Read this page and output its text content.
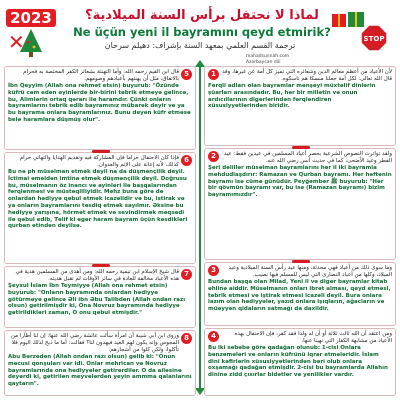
2023
✕	STOP
لماذا لا نحتفل برأس السنة الميلادية؟
Ne üçün yeni il bayramını qeyd etmirik?
ترجمة القسم العلمي بمعهد السنة بإشراف: دهيلم سرحان
mahadsunnah.com
Azərbaycan dili
1	لأن الأعياد من أعظم معالم الدين وشعائره التي تميز كل أمة عن غيرها، وقد قال الله تعالى: لكل أمة جعلنا منسكا هم ناسكوه.
Fərqli adları olan bayramlar mənşəyi müxtəlif dinlərin şüarları arasındadır. Bu, hər bir millətin və onun ardıcıllarının digərlərindən fərqləndirən xüsusiyyətlərindən biridir.
2	ولقد تواترت النصوص الشرعية بحصر أعياد المسلمين في عيدين فقط: عيد الفطر وعيد الأضحى، كما في حديث أنس رضي الله عنه.
Şəri dəlillər müsəlman bayramlarını hər il iki bayramla məhdudlaşdırır: Ramazan və Qurban bayramı. Hər həftənin bayramı isə cümə günüdür. Peyğəmbər ﷺ buyurub: "Hər bir qövmün bayramı var, bu isə (Ramazan bayramı) bizim bayramımızdır".
3	وما سوى ذلك من أعياد فهي محدثة، ومنها عيد رأس السنة الميلادية وعيد الميلاد، وكلها من أعياد النصارى التي ليس للمسلم فيها نصيب.
Bundan başqa olan Milad, Yeni il və digər bayramlar kitab əhlinə aiddir. Müsəlmanın onları ibrət alması, qeyd etməsi, təbrik etməsi və iştirak etməsi icazəli deyil. Bura onlara lazım olan hədiyyələr, yazıd onlara işıqların, ağacların və müəyyən qidaların satmağı da daxildir.
4	ومن اعتقد أن الله ثالث ثلاثة أو أن له ولدا فقد كفر، فإن الاحتفال بهذه الأعياد من مشابهة الكفار التي نهينا عنها.
Bu iki səbəbə görə qadağan olunub: 1-cisi Onlara bənzəmələri və onların küfrünü iqrar etmələridir. İslam dini kafirlərin xüsusiyyətlərindən bəri olub onlara oxşamağı qadağan etmişdir. 2-cisi bu bayramlarda Allahın dininə zidd çıxırlar bidətlər və yenilikler vardır.
5
قال ابن القيم رحمه الله: وأما التهنئة بشعائر الكفر المختصة به فحرام بالاتفاق، مثل أن يهنئهم بأعيادهم وصومهم.
İbn Qeyyim (Allah ona rəhmət etsin) buyurub: "Özündə küfrü cəm edən əyinlərdə bir-birini təbrik etməyə gəlincə, bu, Alimlərin ortaq qərarı ilə haramdır. Çünki onların bayramlarını təbrik edib bayramınız mübarək deyir və ya bu bayrama onlara bayramlarınız. Bunu deyən küfr etməsə belə haramlara düşmüş olur".
6
فإذا كان الاحتفال حراما فإن المشاركة فيه وتقديم الهدايا والتهاني حرام كذلك، لأنه إعانة على الإثم والعدوان.
Bu nə ph müsəlman etmək deyil na da düşmənçilik deyil. İctimai əməldən imtina etmək düşmənçilik deyil. Doğrusu bu, müsəlmanın öz inancı və ayinləri ilə başqalarından fərqlənməsi və müstəqilliyidir. Məhz buna görə də onlardan hədiyyə qəbul etmək icazəlidir və bu, istirak və ya onların bayramlarını təsdiq etmək sayılmır. Əksinə bu hədiyyə yarışına, hörmət etmək və sevindirmək məqsədi ilə qəbul edib, Təlif ki əgər haram bayram üçün kəsdikləri qurban ətindən deyilsə.
7
قال شيخ الإسلام ابن تيمية رحمه الله: ومن أهدى من المسلمين هدية في هذه الأعياد مخالفة للعادة في سائر الأوقات لم تقبل هديته.
Şeyxul İslam İbn Teymiyyə (Allah ona rəhmət etsin) buyurub: "Onların bayramında onlardan hədiyyə götürməyə gəlincə Əli ibn Əbu Talibdən (Allah ondan razı olsun) gətirilmişdir ki, Ona Novruz bayramında hədiyyə gətirildikləri zaman, O onu qəbul etmişdir."
8
وروى ابن أبي شيبة أن امرأة سألت عائشة رضي الله عنها: إن لنا أظآرا من المجوس وإنه يكون لهم العيد فيهدون لنا؟ فقالت: أما ما ذبح لذلك اليوم فلا تأكلوا، ولكن كلوا من أشجارهم.
Abu Bərzədən (Allah ondan razı olsun) gəlib ki: "Onun məcusi qonşuları var idi. Onlar mehrican və Novruz bayramlarında ona hədiyyələr gətirərdilər. O da ailəsinə deyərdi ki, gətirilən meyvələrdən yeyin ammma qalanlarını qaytarın".
